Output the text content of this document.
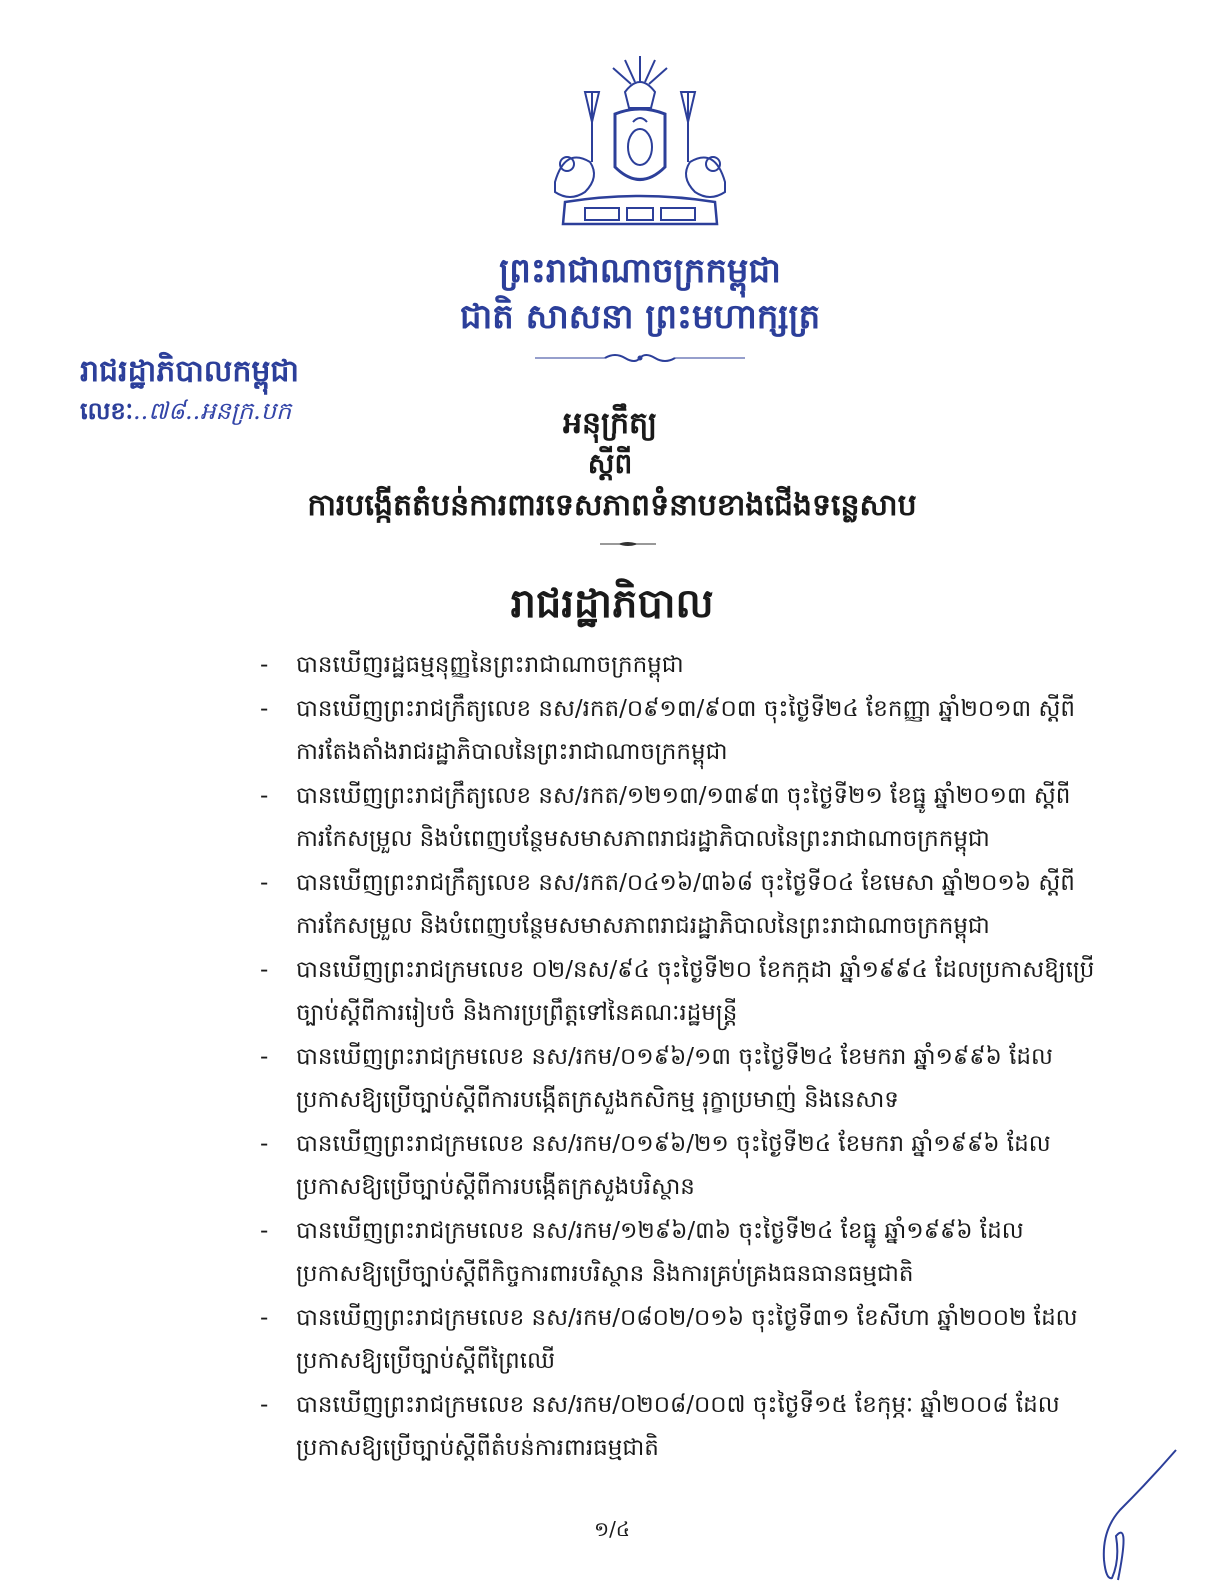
ព្រះរាជាណាចក្រកម្ពុជា
ជាតិ សាសនា ព្រះមហាក្សត្រ
រាជរដ្ឋាភិបាលកម្ពុជា
លេខៈ..៧៨..អនក្រ.បក	អនុក្រឹត្យ
ស្តីពី
ការបង្កើតតំបន់ការពារទេសភាពទំនាបខាងជើងទន្លេសាប
រាជរដ្ឋាភិបាល
- បានឃើញរដ្ឋធម្មនុញ្ញនៃព្រះរាជាណាចក្រកម្ពុជា
- បានឃើញព្រះរាជក្រឹត្យលេខ នស/រកត/០៩១៣/៩០៣ ចុះថ្ងៃទី២៤ ខែកញ្ញា ឆ្នាំ២០១៣ ស្តីពីការតែងតាំងរាជរដ្ឋាភិបាលនៃព្រះរាជាណាចក្រកម្ពុជា
- បានឃើញព្រះរាជក្រឹត្យលេខ នស/រកត/១២១៣/១៣៩៣ ចុះថ្ងៃទី២១ ខែធ្នូ ឆ្នាំ២០១៣ ស្តីពីការកែសម្រួល និងបំពេញបន្ថែមសមាសភាពរាជរដ្ឋាភិបាលនៃព្រះរាជាណាចក្រកម្ពុជា
- បានឃើញព្រះរាជក្រឹត្យលេខ នស/រកត/០៤១៦/៣៦៨ ចុះថ្ងៃទី០៤ ខែមេសា ឆ្នាំ២០១៦ ស្តីពីការកែសម្រួល និងបំពេញបន្ថែមសមាសភាពរាជរដ្ឋាភិបាលនៃព្រះរាជាណាចក្រកម្ពុជា
- បានឃើញព្រះរាជក្រមលេខ ០២/នស/៩៤ ចុះថ្ងៃទី២០ ខែកក្កដា ឆ្នាំ១៩៩៤ ដែលប្រកាសឱ្យប្រើច្បាប់ស្តីពីការរៀបចំ និងការប្រព្រឹត្តទៅនៃគណៈរដ្ឋមន្ត្រី
- បានឃើញព្រះរាជក្រមលេខ នស/រកម/០១៩៦/១៣ ចុះថ្ងៃទី២៤ ខែមករា ឆ្នាំ១៩៩៦ ដែលប្រកាសឱ្យប្រើច្បាប់ស្តីពីការបង្កើតក្រសួងកសិកម្ម រុក្ខាប្រមាញ់ និងនេសាទ
- បានឃើញព្រះរាជក្រមលេខ នស/រកម/០១៩៦/២១ ចុះថ្ងៃទី២៤ ខែមករា ឆ្នាំ១៩៩៦ ដែលប្រកាសឱ្យប្រើច្បាប់ស្តីពីការបង្កើតក្រសួងបរិស្ថាន
- បានឃើញព្រះរាជក្រមលេខ នស/រកម/១២៩៦/៣៦ ចុះថ្ងៃទី២៤ ខែធ្នូ ឆ្នាំ១៩៩៦ ដែលប្រកាសឱ្យប្រើច្បាប់ស្តីពីកិច្ចការពារបរិស្ថាន និងការគ្រប់គ្រងធនធានធម្មជាតិ
- បានឃើញព្រះរាជក្រមលេខ នស/រកម/០៨០២/០១៦ ចុះថ្ងៃទី៣១ ខែសីហា ឆ្នាំ២០០២ ដែលប្រកាសឱ្យប្រើច្បាប់ស្តីពីព្រៃឈើ
- បានឃើញព្រះរាជក្រមលេខ នស/រកម/០២០៨/០០៧ ចុះថ្ងៃទី១៥ ខែកុម្ភៈ ឆ្នាំ២០០៨ ដែលប្រកាសឱ្យប្រើច្បាប់ស្តីពីតំបន់ការពារធម្មជាតិ
១/៤
